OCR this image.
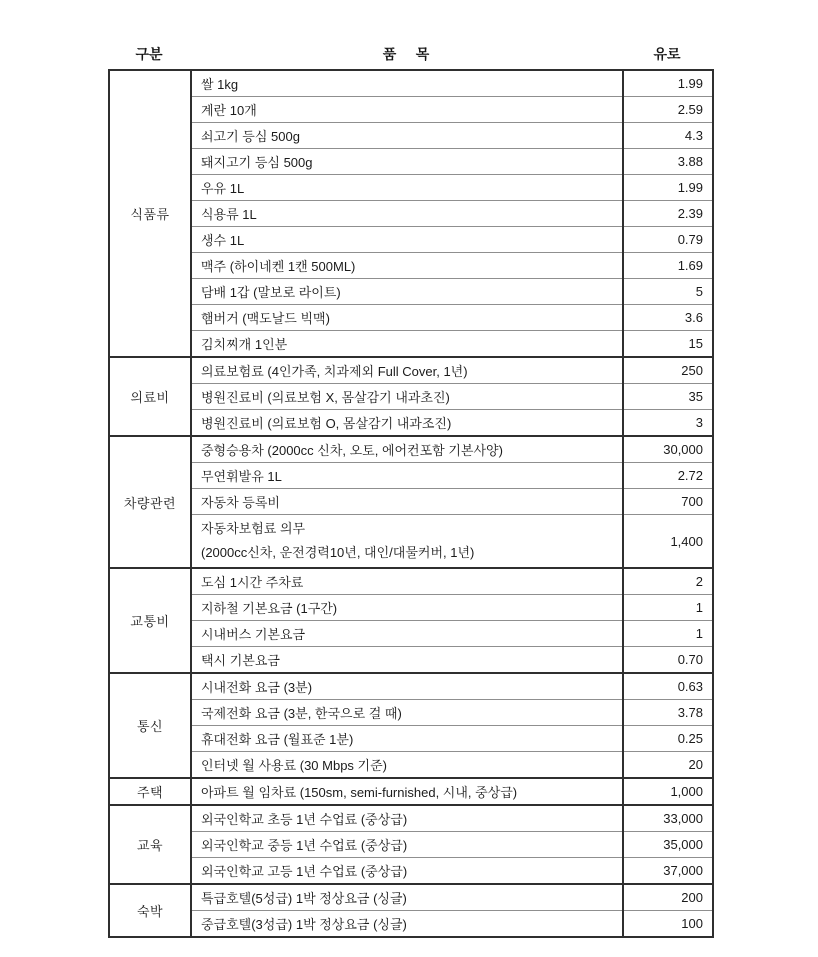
구분	품     목	유로
식품류	쌀 1kg	1.99
	계란 10개	2.59
	쇠고기 등심 500g	4.3
	돼지고기 등심 500g	3.88
	우유 1L	1.99
	식용류 1L	2.39
	생수 1L	0.79
	맥주 (하이네켄 1캔 500ML)	1.69
	담배 1갑 (말보로 라이트)	5
	햄버거 (맥도날드 빅맥)	3.6
	김치찌개 1인분	15
의료비	의료보험료 (4인가족, 치과제외 Full Cover, 1년)	250
	병원진료비 (의료보험 X, 몸살감기 내과초진)	35
	병원진료비 (의료보험 O, 몸살감기 내과조진)	3
차량관련	중형승용차 (2000cc 신차, 오토, 에어컨포함 기본사양)	30,000
	무연휘발유 1L	2.72
	자동차 등록비	700

	자동차보험료 의무
(2000cc신차, 운전경력10년, 대인/대물커버, 1년)	1,400
교통비	도심 1시간 주차료	2
	지하철 기본요금 (1구간)	1
	시내버스 기본요금	1
	택시 기본요금	0.70
통신	시내전화 요금 (3분)	0.63
	국제전화 요금 (3분, 한국으로 걸 때)	3.78
	휴대전화 요금 (월표준 1분)	0.25
	인터넷 월 사용료 (30 Mbps 기준)	20
주택	아파트 월 임차료 (150sm, semi-furnished, 시내, 중상급)	1,000
교육	외국인학교 초등 1년 수업료 (중상급)	33,000
	외국인학교 중등 1년 수업료 (중상급)	35,000
	외국인학교 고등 1년 수업료 (중상급)	37,000
숙박	특급호텔(5성급) 1박 정상요금 (싱글)	200
	중급호텔(3성급) 1박 정상요금 (싱글)	100
